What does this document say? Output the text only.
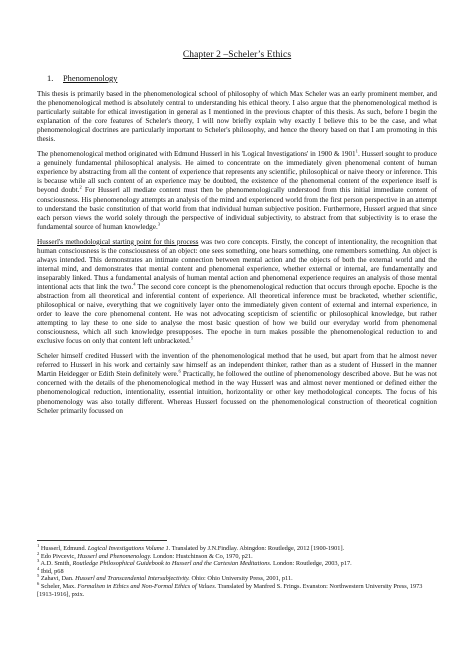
Chapter 2 –Scheler’s Ethics
1. Phenomenology

This thesis is primarily based in the phenomenological school of philosophy of which Max Scheler was an early prominent member, and the phenomenological method is absolutely central to understanding his ethical theory. I also argue that the phenomenological method is particularly suitable for ethical investigation in general as I mentioned in the previous chapter of this thesis. As such, before I begin the explanation of the core features of Scheler's theory, I will now briefly explain why exactly I believe this to be the case, and what phenomenological doctrines are particularly important to Scheler's philosophy, and hence the theory based on that I am promoting in this thesis.

The phenomenological method originated with Edmund Husserl in his 'Logical Investigations' in 1900 & 1901$^1$. Husserl sought to produce a genuinely fundamental philosophical analysis. He aimed to concentrate on the immediately given phenomenal content of human experience by abstracting from all the content of experience that represents any scientific, philosophical or naive theory or inference. This is because while all such content of an experience may be doubted, the existence of the phenomenal content of the experience itself is beyond doubt.$^2$ For Husserl all mediate content must then be phenomenologically understood from this initial immediate content of consciousness. His phenomenology attempts an analysis of the mind and experienced world from the first person perspective in an attempt to understand the basic constitution of that world from that individual human subjective position. Furthermore, Husserl argued that since each person views the world solely through the perspective of individual subjectivity, to abstract from that subjectivity is to erase the fundamental source of human knowledge.$^3$

Husserl's methodological starting point for this process was two core concepts. Firstly, the concept of intentionality, the recognition that human consciousness is the consciousness of an object: one sees something, one hears something, one remembers something. An object is always intended. This demonstrates an intimate connection between mental action and the objects of both the external world and the internal mind, and demonstrates that mental content and phenomenal experience, whether external or internal, are fundamentally and inseparably linked. Thus a fundamental analysis of human mental action and phenomenal experience requires an analysis of those mental intentional acts that link the two.$^4$ The second core concept is the phenomenological reduction that occurs through epoche. Epoche is the abstraction from all theoretical and inferential content of experience. All theoretical inference must be bracketed, whether scientific, philosophical or naive, everything that we cognitively layer onto the immediately given content of external and internal experience, in order to leave the core phenomenal content. He was not advocating scepticism of scientific or philosophical knowledge, but rather attempting to lay these to one side to analyse the most basic question of how we build our everyday world from phenomenal consciousness, which all such knowledge presupposes. The epoche in turn makes possible the phenomenological reduction to and exclusive focus on only that content left unbracketed.$^5$

Scheler himself credited Husserl with the invention of the phenomenological method that he used, but apart from that he almost never referred to Husserl in his work and certainly saw himself as an independent thinker, rather than as a student of Husserl in the manner Martin Heidegger or Edith Stein definitely were.$^6$ Practically, he followed the outline of phenomenology described above. But he was not concerned with the details of the phenomenological method in the way Husserl was and almost never mentioned or defined either the phenomenological reduction, intentionality, essential intuition, horizontality or other key methodological concepts. The focus of his phenomenology was also totally different. Whereas Husserl focussed on the phenomenological construction of theoretical cognition Scheler primarily focussed on

$^1$ Husserl, Edmund. Logical Investigations Volume 1. Translated by J.N.Findlay. Abingdon: Routledge, 2012 [1900-1901].

$^2$ Edo Pivcevic, Husserl and Phenomenology. London: Hustchinson & Co, 1970, p21.

$^3$ A.D. Smith, Routledge Philosophical Guidebook to Husserl and the Cartesian Meditations. London: Routledge, 2003, p17.

$^4$ Ibid, p68

$^5$ Zahavi, Dan. Husserl and Transcendental Intersubjectivity. Ohio: Ohio University Press, 2001, p11.

$^6$ Scheler, Max. Formalism in Ethics and Non-Formal Ethics of Values. Translated by Manfred S. Frings. Evanston: Northwestern University Press, 1973 [1913-1916], pxix.
